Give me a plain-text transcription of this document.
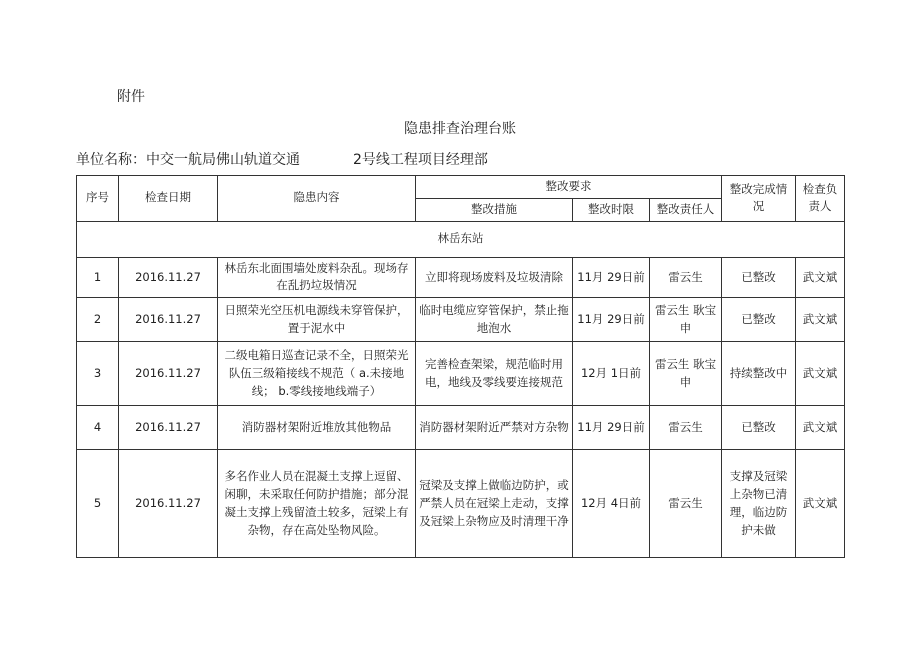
附件
隐患排查治理台账
单位名称：中交一航局佛山轨道交通	2号线工程项目经理部
序号	检查日期	隐患内容	整改要求			整改完成情况	检查负责人
			整改措施	整改时限	整改责任人		
林岳东站							
1	2016.11.27	林岳东北面围墙处废料杂乱。现场存在乱扔垃圾情况	立即将现场废料及垃圾清除	11月 29日前	雷云生	已整改	武文斌
2	2016.11.27	日照荣光空压机电源线未穿管保护，置于泥水中	临时电缆应穿管保护，禁止拖地泡水	11月 29日前	雷云生 耿宝申	已整改	武文斌
3	2016.11.27	二级电箱日巡查记录不全，日照荣光队伍三级箱接线不规范（ a.未接地线； b.零线接地线端子）	完善检查架梁，规范临时用电，地线及零线要连接规范	12月 1日前	雷云生 耿宝申	持续整改中	武文斌
4	2016.11.27	消防器材架附近堆放其他物品	消防器材架附近严禁对方杂物	11月 29日前	雷云生	已整改	武文斌
5	2016.11.27	多名作业人员在混凝土支撑上逗留、闲聊，未采取任何防护措施；部分混凝土支撑上残留渣土较多，冠梁上有杂物，存在高处坠物风险。	冠梁及支撑上做临边防护，或严禁人员在冠梁上走动，支撑及冠梁上杂物应及时清理干净	12月 4日前	雷云生	支撑及冠梁上杂物已清理，临边防护未做	武文斌
